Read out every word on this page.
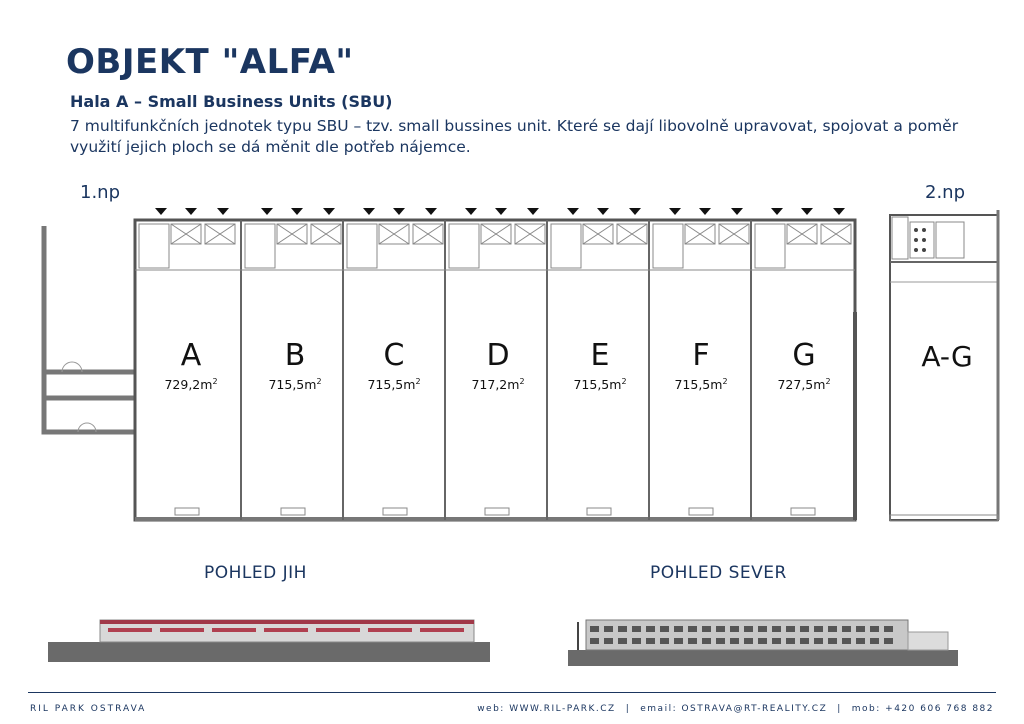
OBJEKT "ALFA"
Hala A – Small Business Units (SBU)
7 multifunkčních jednotek typu SBU – tzv. small bussines unit. Které se dají libovolně upravovat, spojovat a poměr využití jejich ploch se dá měnit dle potřeb nájemce.
1.np	2.np
A
$729,2m^2$
B
$715,5m^2$
C
$715,5m^2$
D
$717,2m^2$
E
$715,5m^2$
F
$715,5m^2$
G
$727,5m^2$
A-G
POHLED JIH	POHLED SEVER
RIL PARK OSTRAVA	web: WWW.RIL-PARK.CZ | email: OSTRAVA@RT-REALITY.CZ | mob: +420 606 768 882
